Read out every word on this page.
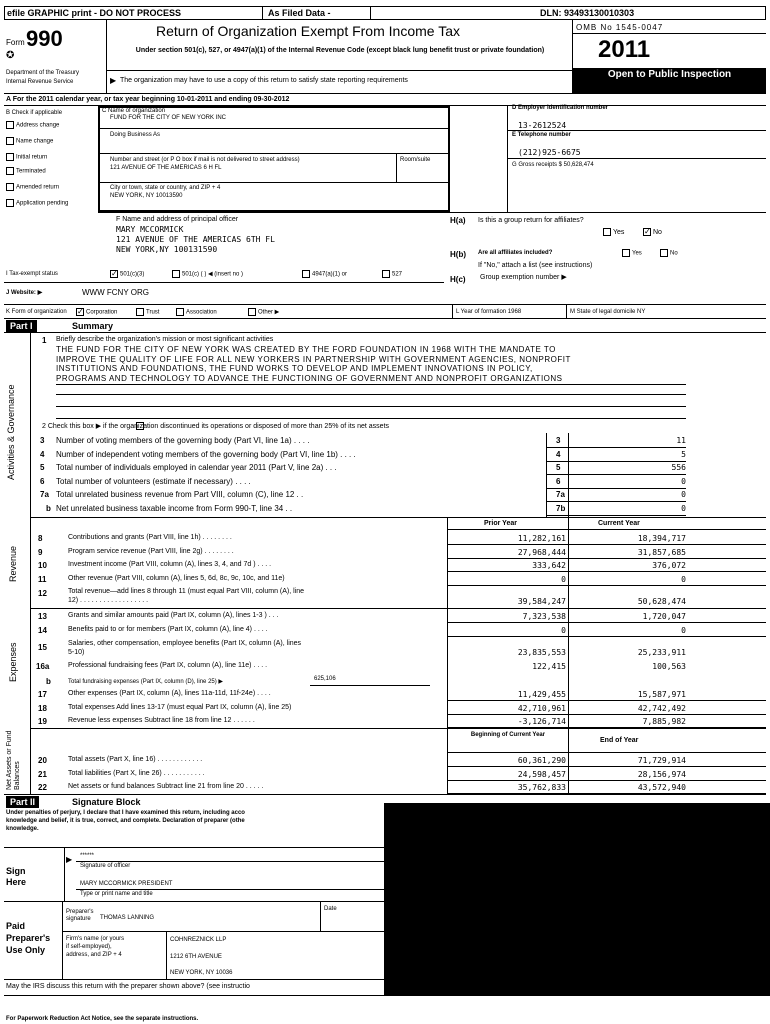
efile GRAPHIC print - DO NOT PROCESS	As Filed Data -	DLN: 93493130010303
Form 990
✪
Department of the Treasury
Internal Revenue Service
Return of Organization Exempt From Income Tax
Under section 501(c), 527, or 4947(a)(1) of the Internal Revenue Code (except black lung benefit trust or private foundation)
▶ The organization may have to use a copy of this return to satisfy state reporting requirements
OMB No 1545-0047
2011
Open to Public Inspection
A For the 2011 calendar year, or tax year beginning 10-01-2011 and ending 09-30-2012
B Check if applicable
Address change
Name change
Initial return
Terminated
Amended return
Application pending
C Name of organization
FUND FOR THE CITY OF NEW YORK INC
Doing Business As
Number and street (or P O box if mail is not delivered to street address)	Room/suite
121 AVENUE OF THE AMERICAS 6 H FL
City or town, state or country, and ZIP + 4
NEW YORK, NY 10013590
D Employer identification number
13-2612524
E Telephone number
(212)925-6675
G Gross receipts $ 50,628,474
F Name and address of principal officer
MARY MCCORMICK
121 AVENUE OF THE AMERICAS 6TH FL
NEW YORK,NY 100131590
H(a) Is this a group return for affiliates?
Yes ✓ No
H(b) Are all affiliates included?	Yes	No
If "No," attach a list (see instructions)
H(c) Group exemption number ▶
I Tax-exempt status	✓ 501(c)(3)	501(c) ( ) ◀ (insert no )	4947(a)(1) or	527
J Website: ▶	WWW FCNY ORG
K Form of organization ✓ Corporation	Trust	Association	Other ▶	L Year of formation 1968	M State of legal domicile NY
Part I	Summary
Activities & Governance
Revenue
Expenses
Net Assets or Fund Balances
1 Briefly describe the organization's mission or most significant activities
THE FUND FOR THE CITY OF NEW YORK WAS CREATED BY THE FORD FOUNDATION IN 1968 WITH THE MANDATE TO
IMPROVE THE QUALITY OF LIFE FOR ALL NEW YORKERS IN PARTNERSHIP WITH GOVERNMENT AGENCIES, NONPROFIT
INSTITUTIONS AND FOUNDATIONS, THE FUND WORKS TO DEVELOP AND IMPLEMENT INNOVATIONS IN POLICY,
PROGRAMS AND TECHNOLOGY TO ADVANCE THE FUNCTIONING OF GOVERNMENT AND NONPROFIT ORGANIZATIONS
2 Check this box ▶ if the organization discontinued its operations or disposed of more than 25% of its net assets
3 Number of voting members of the governing body (Part VI, line 1a) . . . .	3	11
4 Number of independent voting members of the governing body (Part VI, line 1b) . . . .	4	5
5 Total number of individuals employed in calendar year 2011 (Part V, line 2a) . . .	5	556
6 Total number of volunteers (estimate if necessary) . . . .	6	0
7a Total unrelated business revenue from Part VIII, column (C), line 12 . .	7a	0
b Net unrelated business taxable income from Form 990-T, line 34 . .	7b	0
Prior Year	Current Year
8	Contributions and grants (Part VIII, line 1h) . . . . . . . .	11,282,161	18,394,717
9	Program service revenue (Part VIII, line 2g) . . . . . . . .	27,968,444	31,857,685
10	Investment income (Part VIII, column (A), lines 3, 4, and 7d ) . . . .	333,642	376,072
11	Other revenue (Part VIII, column (A), lines 5, 6d, 8c, 9c, 10c, and 11e)	0	0
12	Total revenue—add lines 8 through 11 (must equal Part VIII, column (A), line
12) . . . . . . . . . . . . . . . . . .	39,584,247	50,628,474
13	Grants and similar amounts paid (Part IX, column (A), lines 1-3 ) . . .	7,323,538	1,720,047
14	Benefits paid to or for members (Part IX, column (A), line 4) . . . .	0	0
15	Salaries, other compensation, employee benefits (Part IX, column (A), lines
5-10)	23,835,553	25,233,911
16a	Professional fundraising fees (Part IX, column (A), line 11e) . . . .	122,415	100,563
b	Total fundraising expenses (Part IX, column (D), line 25) ▶	625,106
17	Other expenses (Part IX, column (A), lines 11a-11d, 11f-24e) . . . .	11,429,455	15,587,971
18	Total expenses Add lines 13-17 (must equal Part IX, column (A), line 25)	42,710,961	42,742,492
19	Revenue less expenses Subtract line 18 from line 12 . . . . . .	-3,126,714	7,885,982
Beginning of Current Year
End of Year
20	Total assets (Part X, line 16) . . . . . . . . . . . .	60,361,290	71,729,914
21	Total liabilities (Part X, line 26) . . . . . . . . . . .	24,598,457	28,156,974
22	Net assets or fund balances Subtract line 21 from line 20 . . . . .	35,762,833	43,572,940
Part II	Signature Block
Under penalties of perjury, I declare that I have examined this return, including acco
knowledge and belief, it is true, correct, and complete. Declaration of preparer (othe
knowledge.
Sign
Here
▶ ******
Signature of officer
MARY MCCORMICK PRESIDENT
Type or print name and title
Paid
Preparer's
Use Only
Preparer's
signature THOMAS LANNING
Date
Firm's name (or yours
if self-employed),
address, and ZIP + 4
COHNREZNICK LLP
1212 6TH AVENUE
NEW YORK, NY 10036
May the IRS discuss this return with the preparer shown above? (see instructio
For Paperwork Reduction Act Notice, see the separate instructions.
